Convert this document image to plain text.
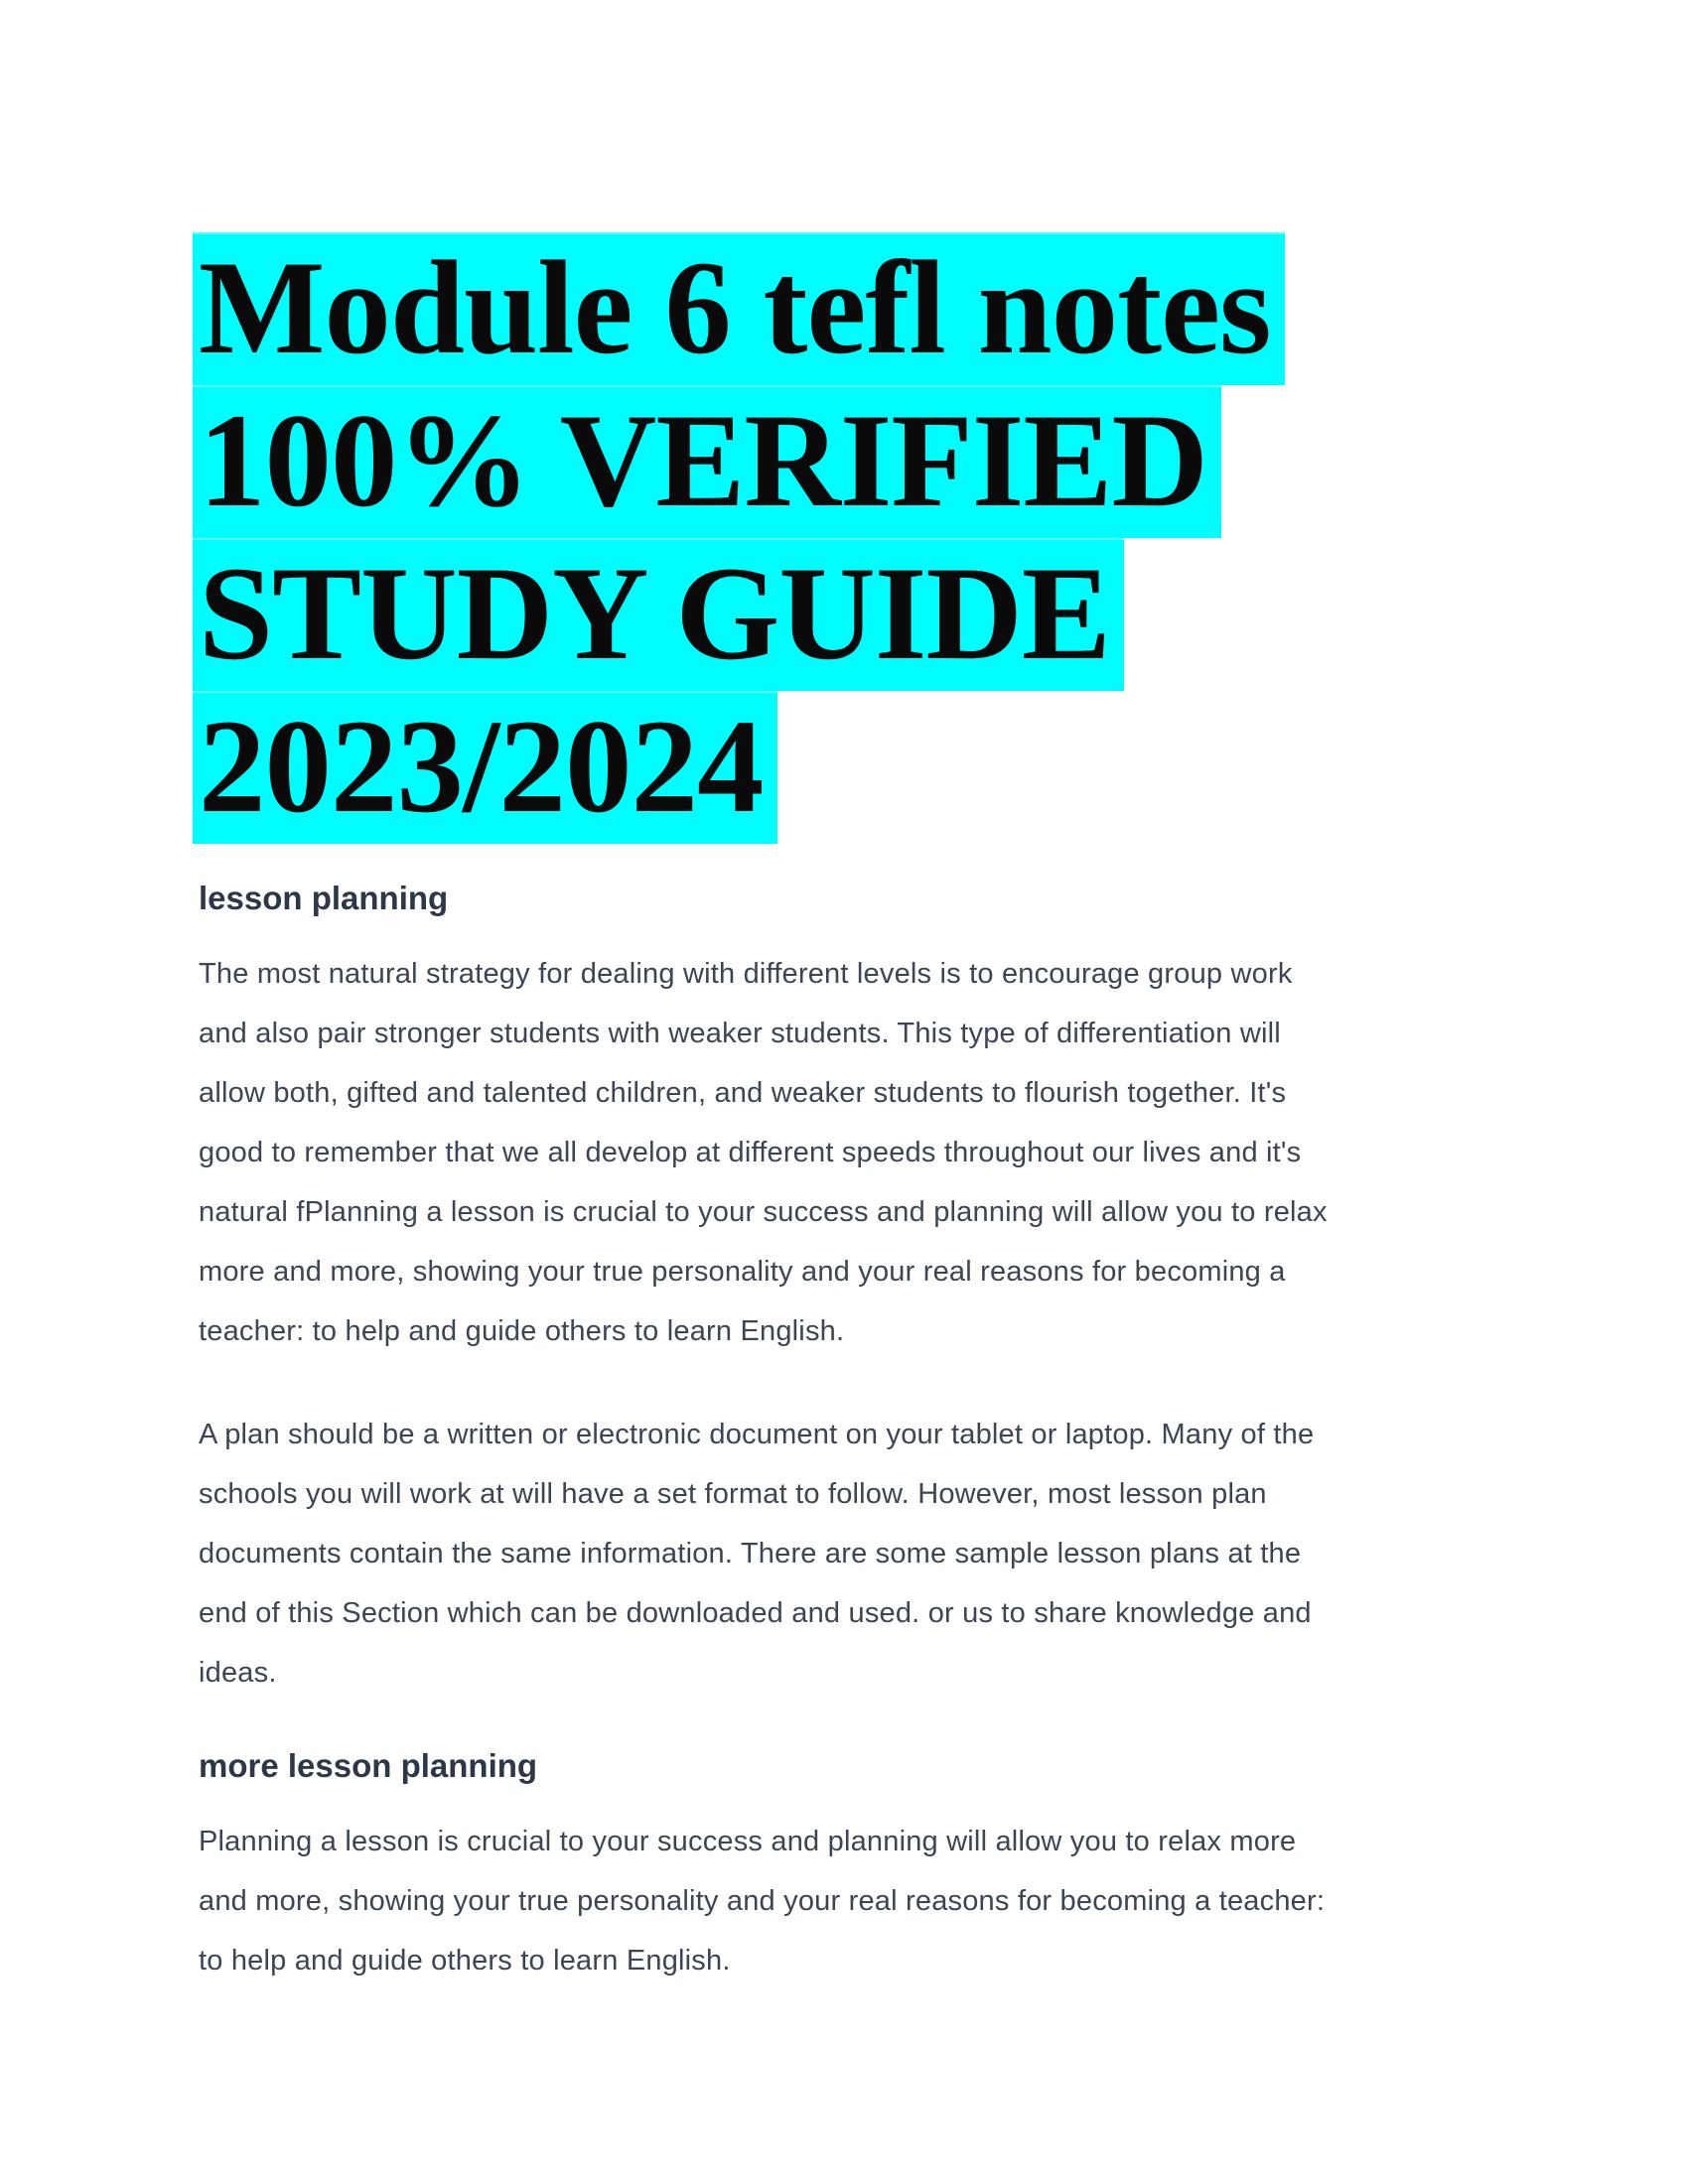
Module 6 tefl notes
100% VERIFIED
STUDY GUIDE
2023/2024
lesson planning
The most natural strategy for dealing with different levels is to encourage group work
and also pair stronger students with weaker students. This type of differentiation will
allow both, gifted and talented children, and weaker students to flourish together. It's
good to remember that we all develop at different speeds throughout our lives and it's
natural fPlanning a lesson is crucial to your success and planning will allow you to relax
more and more, showing your true personality and your real reasons for becoming a
teacher: to help and guide others to learn English.
A plan should be a written or electronic document on your tablet or laptop. Many of the
schools you will work at will have a set format to follow. However, most lesson plan
documents contain the same information. There are some sample lesson plans at the
end of this Section which can be downloaded and used. or us to share knowledge and
ideas.
more lesson planning
Planning a lesson is crucial to your success and planning will allow you to relax more
and more, showing your true personality and your real reasons for becoming a teacher:
to help and guide others to learn English.
